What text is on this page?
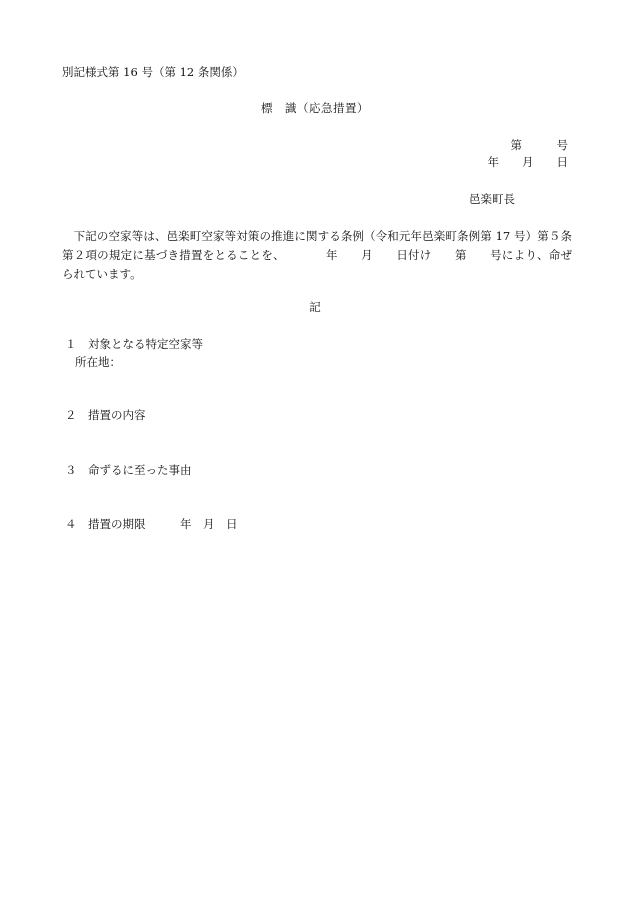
別記様式第 16 号（第 12 条関係）
標　識（応急措置）
第　　　号
年　　月　　日
邑楽町長
　下記の空家等は、邑楽町空家等対策の推進に関する条例（令和元年邑楽町条例第 17 号）第５条第２項の規定に基づき措置をとることを、　　　　年　　月　　日付け　　第　　号により、命ぜられています。
記
１　対象となる特定空家等
所在地：
２　措置の内容
３　命ずるに至った事由
４　措置の期限　　　年　月　日
